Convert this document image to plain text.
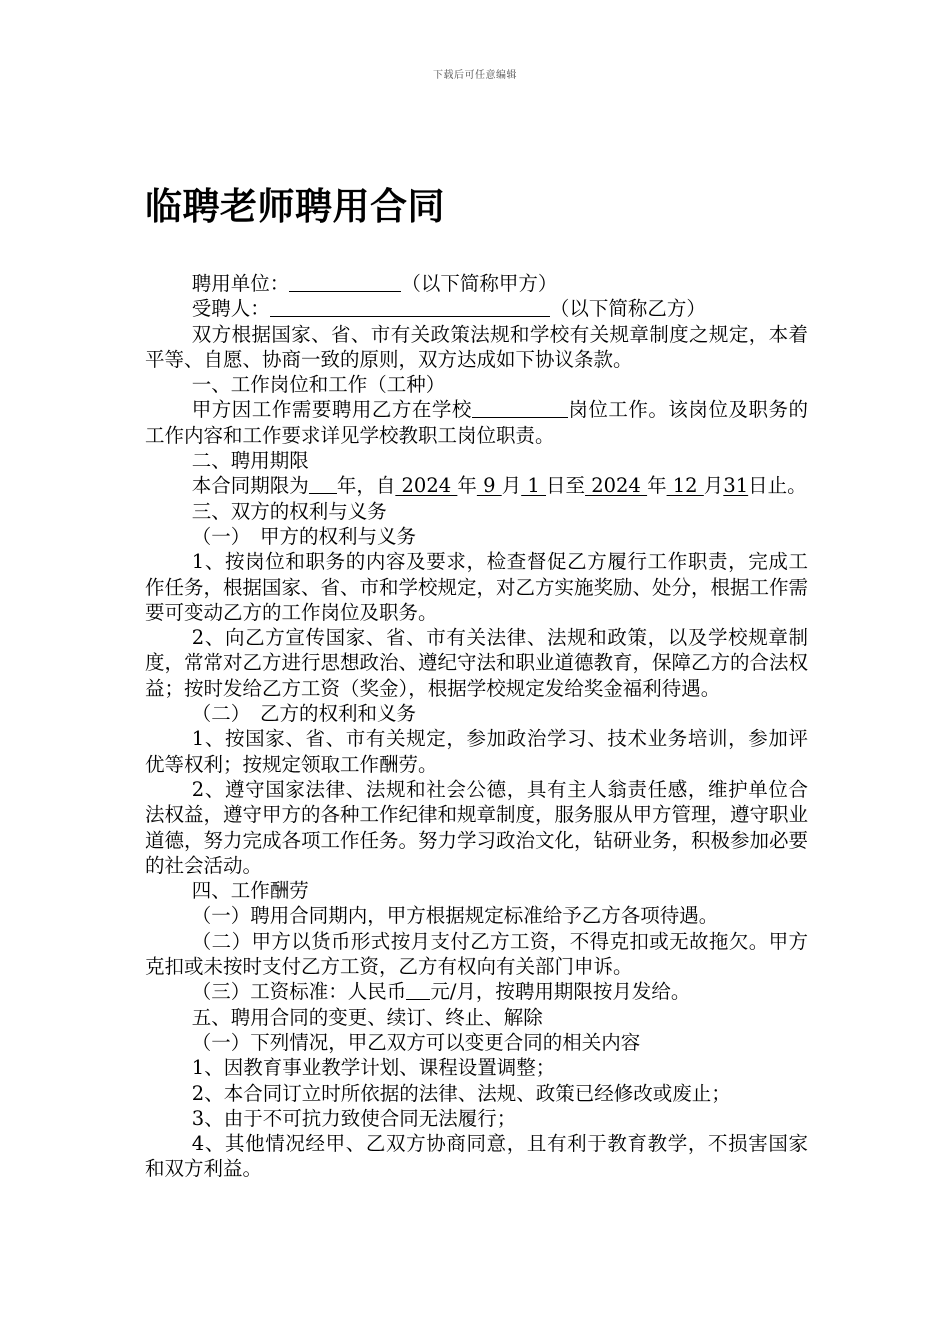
下载后可任意编辑
临聘老师聘用合同

聘用单位：	（以下简称甲方）

受聘人：	（以下简称乙方）

双方根据国家、省、市有关政策法规和学校有关规章制度之规定，本着平等、自愿、协商一致的原则，双方达成如下协议条款。

一、工作岗位和工作（工种）

甲方因工作需要聘用乙方在学校	岗位工作。该岗位及职务的工作内容和工作要求详见学校教职工岗位职责。

二、聘用期限

本合同期限为 年，自 2024 年 9 月 1 日至 2024 年 12 月31日止。

三、双方的权利与义务

（一）　甲方的权利与义务

1、按岗位和职务的内容及要求，检查督促乙方履行工作职责，完成工作任务，根据国家、省、市和学校规定，对乙方实施奖励、处分，根据工作需要可变动乙方的工作岗位及职务。

2、向乙方宣传国家、省、市有关法律、法规和政策，以及学校规章制度，常常对乙方进行思想政治、遵纪守法和职业道德教育，保障乙方的合法权益；按时发给乙方工资（奖金），根据学校规定发给奖金福利待遇。

（二）　乙方的权利和义务

1、按国家、省、市有关规定，参加政治学习、技术业务培训，参加评优等权利；按规定领取工作酬劳。

2、遵守国家法律、法规和社会公德，具有主人翁责任感，维护单位合法权益，遵守甲方的各种工作纪律和规章制度，服务服从甲方管理，遵守职业道德，努力完成各项工作任务。努力学习政治文化，钻研业务，积极参加必要的社会活动。

四、工作酬劳

（一）聘用合同期内，甲方根据规定标准给予乙方各项待遇。

（二）甲方以货币形式按月支付乙方工资，不得克扣或无故拖欠。甲方克扣或未按时支付乙方工资，乙方有权向有关部门申诉。

（三）工资标准：人民币 元/月，按聘用期限按月发给。

五、聘用合同的变更、续订、终止、解除

（一）下列情况，甲乙双方可以变更合同的相关内容

1、因教育事业教学计划、课程设置调整；

2、本合同订立时所依据的法律、法规、政策已经修改或废止；

3、由于不可抗力致使合同无法履行；

4、其他情况经甲、乙双方协商同意，且有利于教育教学，不损害国家和双方利益。
